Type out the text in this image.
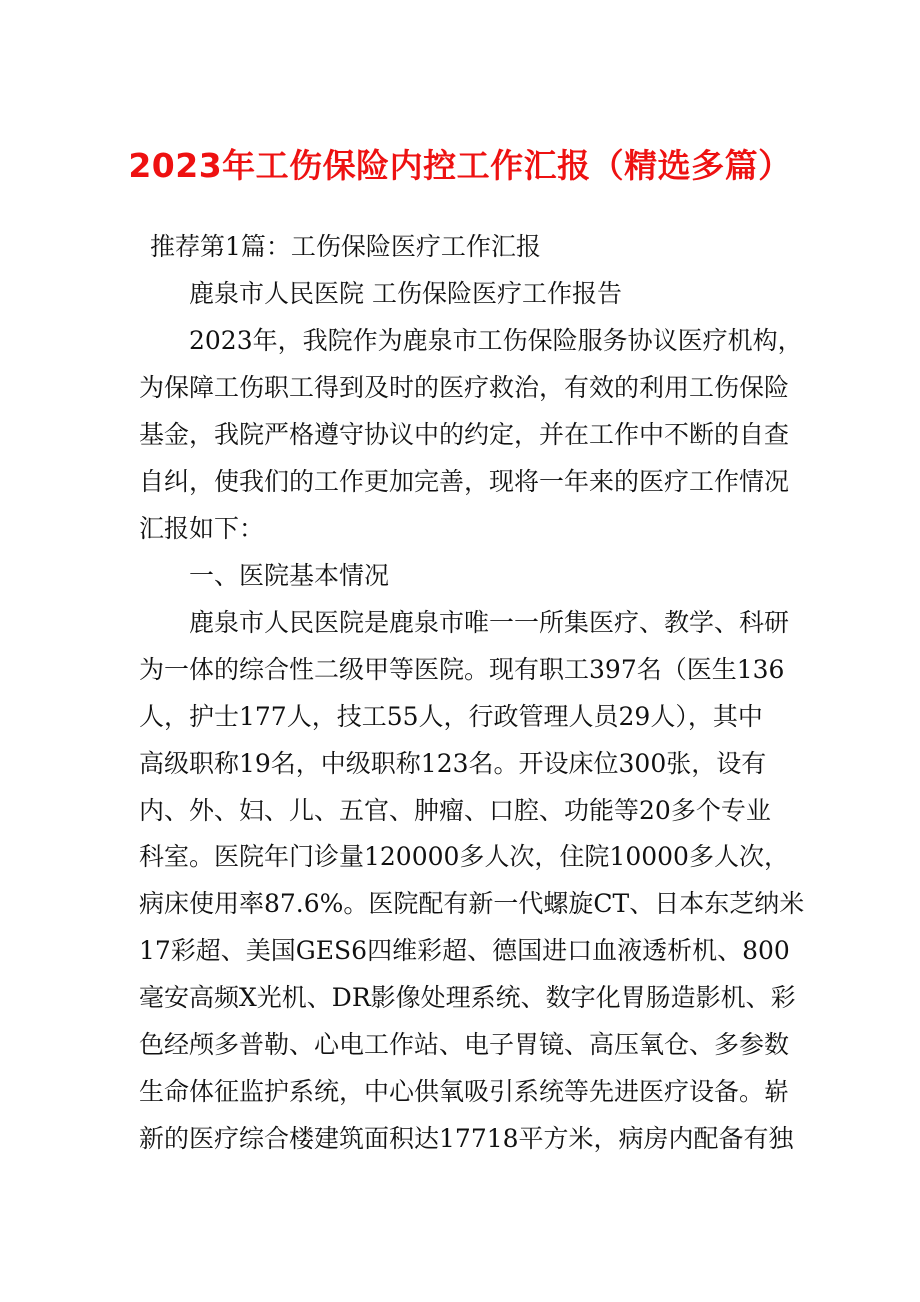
2023年工伤保险内控工作汇报（精选多篇）
推荐第1篇：工伤保险医疗工作汇报
鹿泉市人民医院 工伤保险医疗工作报告
2023年，我院作为鹿泉市工伤保险服务协议医疗机构，
为保障工伤职工得到及时的医疗救治，有效的利用工伤保险
基金，我院严格遵守协议中的约定，并在工作中不断的自查
自纠，使我们的工作更加完善，现将一年来的医疗工作情况
汇报如下：
一、医院基本情况
鹿泉市人民医院是鹿泉市唯一一所集医疗、教学、科研
为一体的综合性二级甲等医院。现有职工397名（医生136
人，护士177人，技工55人，行政管理人员29人），其中
高级职称19名，中级职称123名。开设床位300张，设有
内、外、妇、儿、五官、肿瘤、口腔、功能等20多个专业
科室。医院年门诊量120000多人次，住院10000多人次，
病床使用率87.6%。医院配有新一代螺旋CT、日本东芝纳米
17彩超、美国GES6四维彩超、德国进口血液透析机、800
毫安高频X光机、DR影像处理系统、数字化胃肠造影机、彩
色经颅多普勒、心电工作站、电子胃镜、高压氧仓、多参数
生命体征监护系统，中心供氧吸引系统等先进医疗设备。崭
新的医疗综合楼建筑面积达17718平方米，病房内配备有独
